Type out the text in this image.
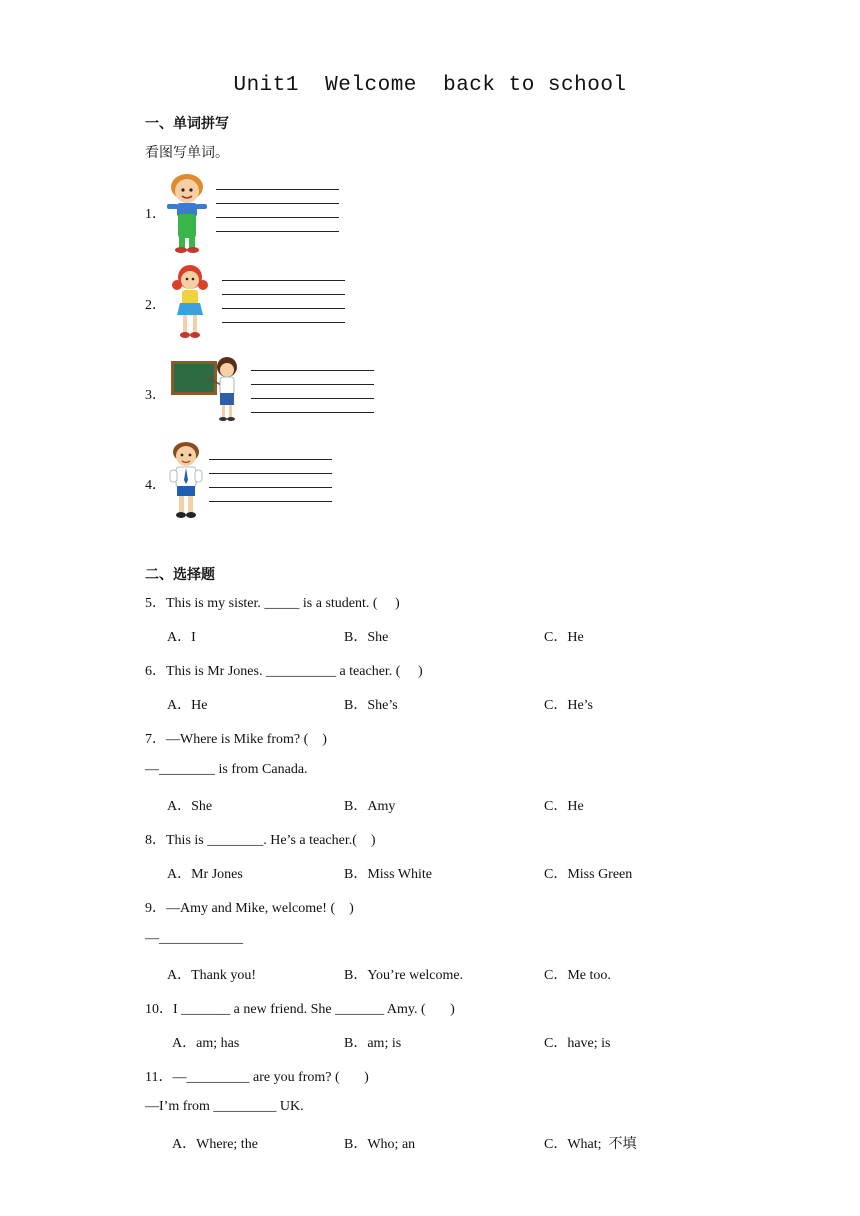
Unit1  Welcome  back to school
一、单词拼写
看图写单词。
1．
2．
3．
4．
二、选择题
5．This is my sister. _____ is a student. (     )
A．I	B．She	C．He
6．This is Mr Jones. __________ a teacher. (     )
A．He	B．She’s	C．He’s
7．—Where is Mike from? (    )
—________ is from Canada.
A．She	B．Amy	C．He
8．This is ________. He’s a teacher.(    )
A．Mr Jones	B．Miss White	C．Miss Green
9．—Amy and Mike, welcome! (    )
—____________
A．Thank you!	B．You’re welcome.	C．Me too.
10．I _______ a new friend. She _______ Amy. (       )
A．am; has	B．am; is	C．have; is
11．—_________ are you from? (       )
—I’m from _________ UK.
A．Where; the	B．Who; an	C．What;  不填
